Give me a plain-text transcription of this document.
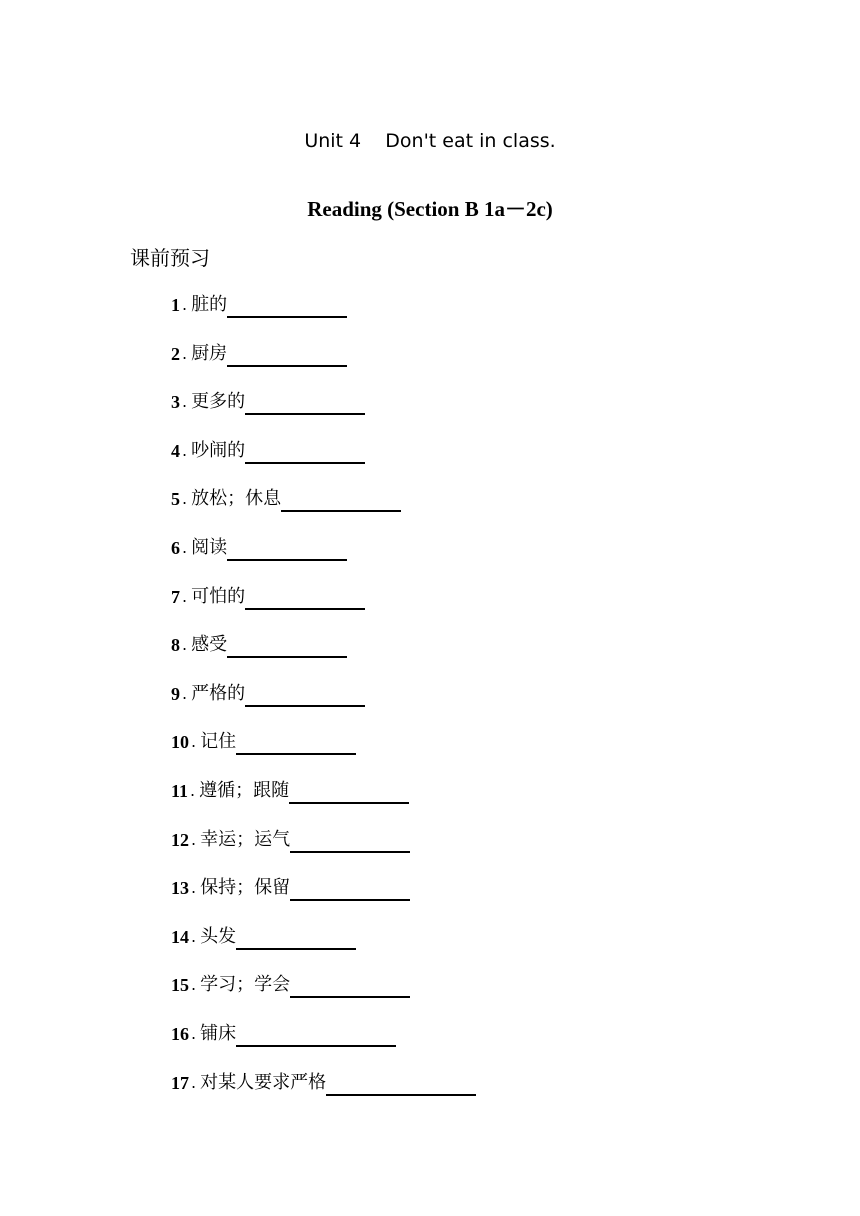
Unit 4    Don't eat in class.
Reading (Section B 1a－2c)
课前预习
1 . 脏的
2 . 厨房
3 . 更多的
4 . 吵闹的
5 . 放松；休息
6 . 阅读
7 . 可怕的
8 . 感受
9 . 严格的
10 . 记住
11 . 遵循；跟随
12 . 幸运；运气
13 . 保持；保留
14 . 头发
15 . 学习；学会
16 . 铺床
17 . 对某人要求严格
